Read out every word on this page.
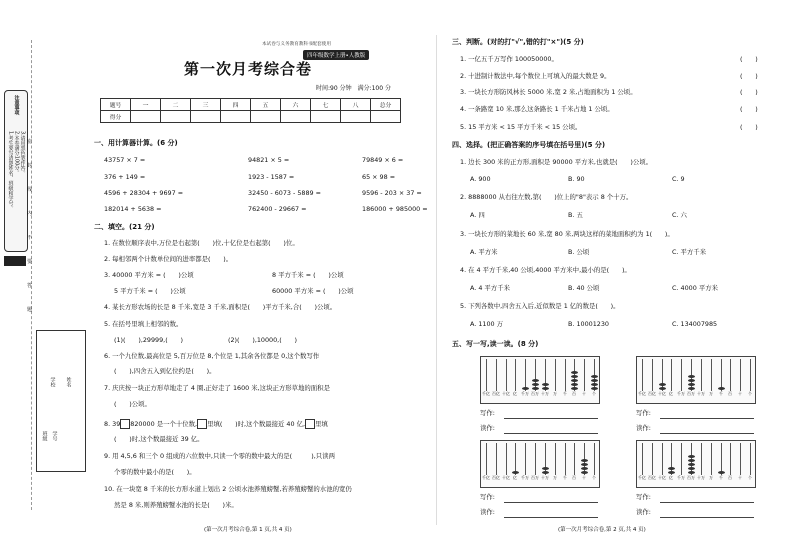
注意事项
1.考生要写清楚姓名、班级和学号。 2.本卷满分100分。 3.请用黑色笔作答。 密
封
线
内
不
要
答
题
学校 姓名
班级 学号
本试卷与义务教育教科书配套使用
四年级数学上册•人教版
第一次月考综合卷
时间:90 分钟　满分:100 分
题号	一	二	三	四	五	六	七	八	总分
得分									
一、用计算器计算。(6 分)
43757 × 7 =	94821 × 5 =	79849 × 6 =
376 + 149 =	1923 - 1587 =	65 × 98 =
4596 + 28304 + 9697 =	32450 - 6073 - 5889 =	9596 - 203 × 37 =
182014 + 5638 =	762400 - 29667 =	186000 + 985000 =
二、填空。(21 分)
1. 在数位顺序表中,万位是右起第(　　)位,十亿位是右起第(　　)位。
2. 每相邻两个计数单位间的进率都是(　　)。
3. 40000 平方米 = (　　)公顷	8 平方千米 = (　　)公顷
5 平方千米 = (　　)公顷	60000 平方米 = (　　)公顷
4. 某长方形农场的长是 8 千米,宽是 3 千米,面积是(　　)平方千米,合(　　)公顷。
5. 在括号里填上相邻的数。
(1)(　　),29999,(　　)	(2)(　　),10000,(　　)
6. 一个九位数,最高位是 5,百万位是 8,个位是 1,其余各位都是 0,这个数写作
(　　),四舍五入到亿位约是(　　)。
7. 庆庆按一块正方形草地走了 4 圈,正好走了 1600 米,这块正方形草地的面积是
(　　)公顷。
8. 39 820000 是一个十位数, 里填(　　)时,这个数最接近 40 亿, 里填
(　　)时,这个数最接近 39 亿。
9. 用 4,5,6 和三个 0 组成的六位数中,只读一个零的数中最大的是(　　　),只读两
个零的数中最小的是(　　)。
10. 在一块宽 8 千米的长方形水道上划出 2 公顷水池养殖螃蟹,若养殖螃蟹的水池的宽仍
然是 8 米,则养殖螃蟹水池的长是(　　)米。
(第一次月考综合卷,第 1 页,共 4 页)
三、判断。(对的打"√",错的打"×")(5 分)
1. 一亿五千万写作 100050000。
2. 十进制计数法中,每个数位上可填入的最大数是 9。
3. 一块长方形防风林长 5000 米,宽 2 米,占地面积为 1 公顷。
4. 一条路宽 10 米,那么这条路长 1 千米占地 1 公顷。
5. 15 平方米 < 15 平方千米 < 15 公顷。
(　　)
(　　)
(　　)
(　　)
(　　)
四、选择。(把正确答案的序号填在括号里)(5 分)
1. 边长 300 米的正方形,面积是 90000 平方米,也就是(　　)公顷。
A. 900	B. 90	C. 9
2. 8888000 从右往左数,第(　　)位上的"8"表示 8 个十万。
A. 四	B. 五	C. 六
3. 一块长方形的菜地长 60 米,宽 80 米,两块这样的菜地面积约为 1(　　)。
A. 平方米	B. 公顷	C. 平方千米
4. 在 4 平方千米,40 公顷,4000 平方米中,最小的是(　　)。
A. 4 平方千米	B. 40 公顷	C. 4000 平方米
5. 下列各数中,四舍五入后,近似数是 1 亿的数是(　　)。
A. 1100 万	B. 10001230	C. 134007985
五、写一写,读一读。(8 分)
千亿 百亿 十亿 亿	千万 百万 十万	万	千	百	十	个	千亿 百亿 十亿 亿	千万 百万 十万	万	千	百	十	个
千亿 百亿 十亿 亿	千万 百万 十万	万	千	百	十	个	千亿 百亿 十亿 亿	千万 百万 十万	万	千	百	十	个
写作:
读作:
写作:
读作:
写作:
读作:
写作:
读作:
(第一次月考综合卷,第 2 页,共 4 页)
